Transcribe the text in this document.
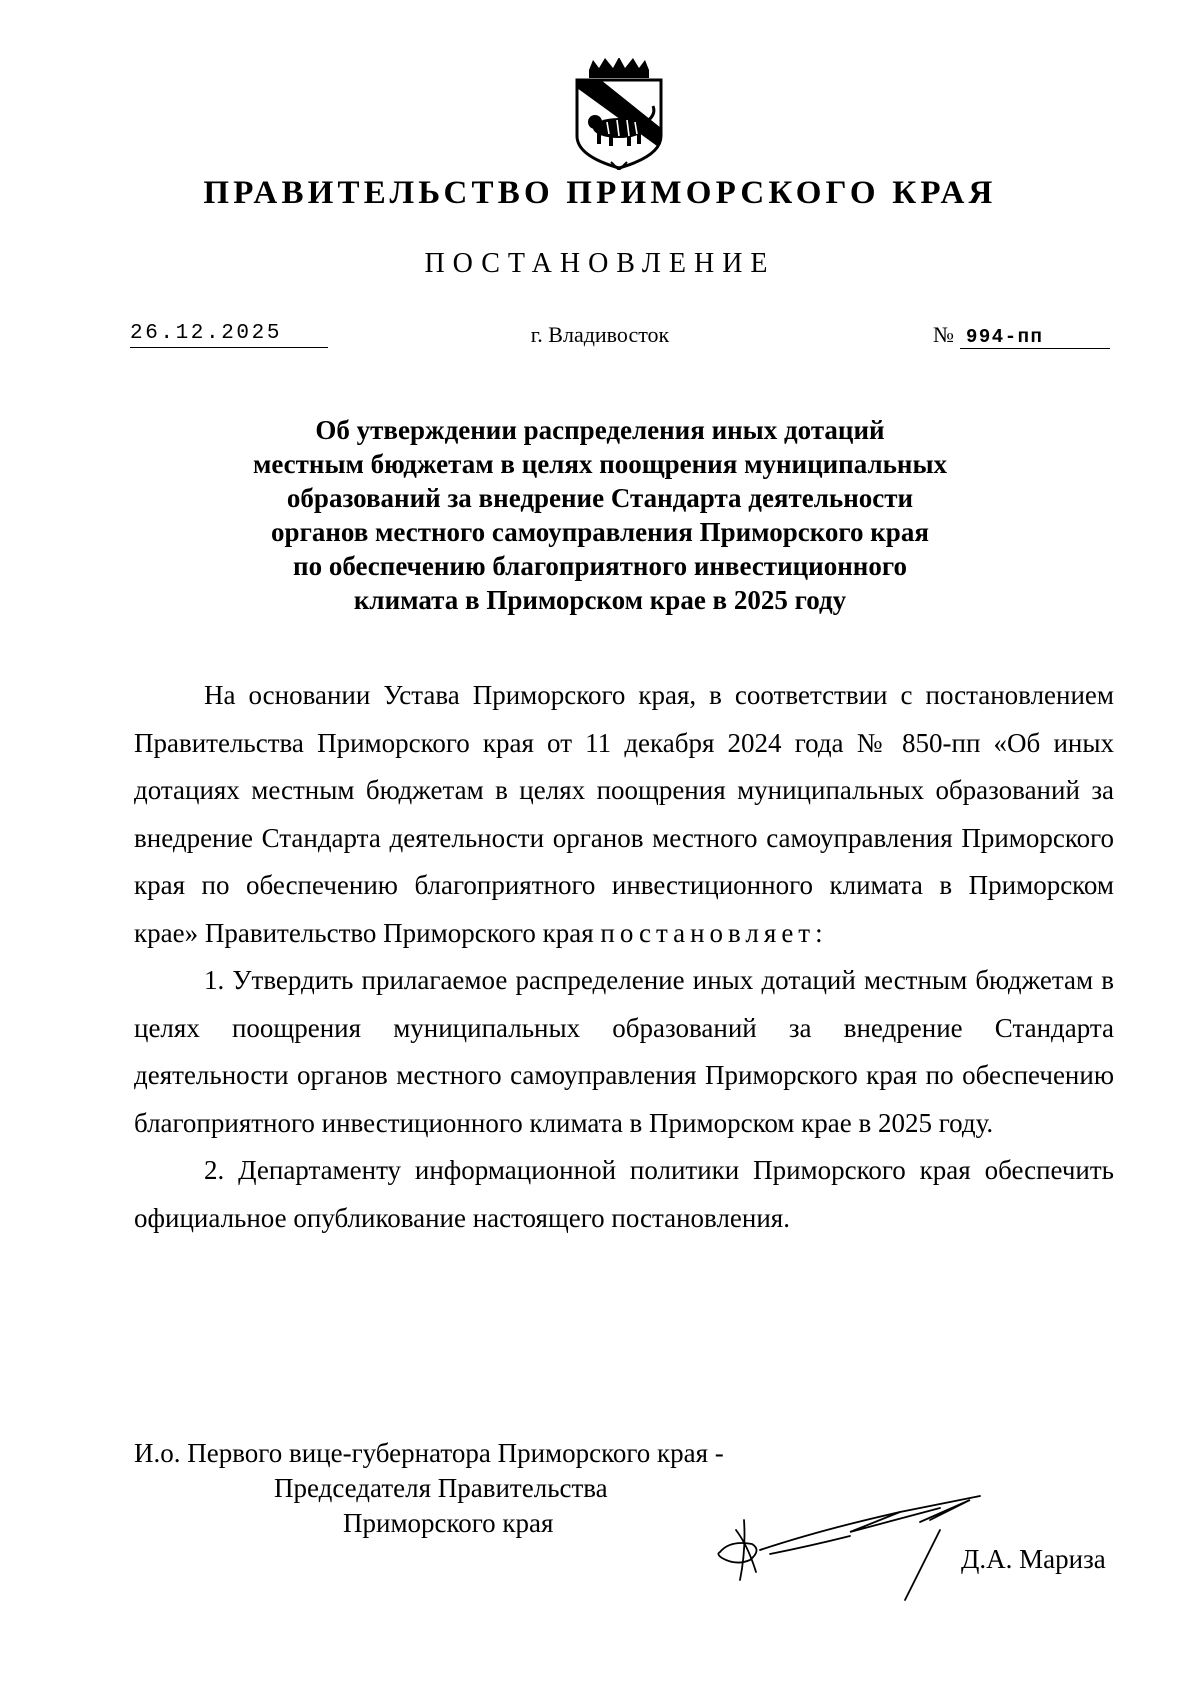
ПРАВИТЕЛЬСТВО ПРИМОРСКОГО КРАЯ
ПОСТАНОВЛЕНИЕ
26.12.2025	г. Владивосток	№ 994-пп
Об утверждении распределения иных дотаций
местным бюджетам в целях поощрения муниципальных
образований за внедрение Стандарта деятельности
органов местного самоуправления Приморского края
по обеспечению благоприятного инвестиционного
климата в Приморском крае в 2025 году

На основании Устава Приморского края, в соответствии с постановлением Правительства Приморского края от 11 декабря 2024 года № 850-пп «Об иных дотациях местным бюджетам в целях поощрения муниципальных образований за внедрение Стандарта деятельности органов местного самоуправления Приморского края по обеспечению благоприятного инвестиционного климата в Приморском крае» Правительство Приморского края постановляет:

1. Утвердить прилагаемое распределение иных дотаций местным бюджетам в целях поощрения муниципальных образований за внедрение Стандарта деятельности органов местного самоуправления Приморского края по обеспечению благоприятного инвестиционного климата в Приморском крае в 2025 году.

2. Департаменту информационной политики Приморского края обеспечить официальное опубликование настоящего постановления.

И.о. Первого вице-губернатора Приморского края -
Председателя Правительства
Приморского края
Д.А. Мариза
